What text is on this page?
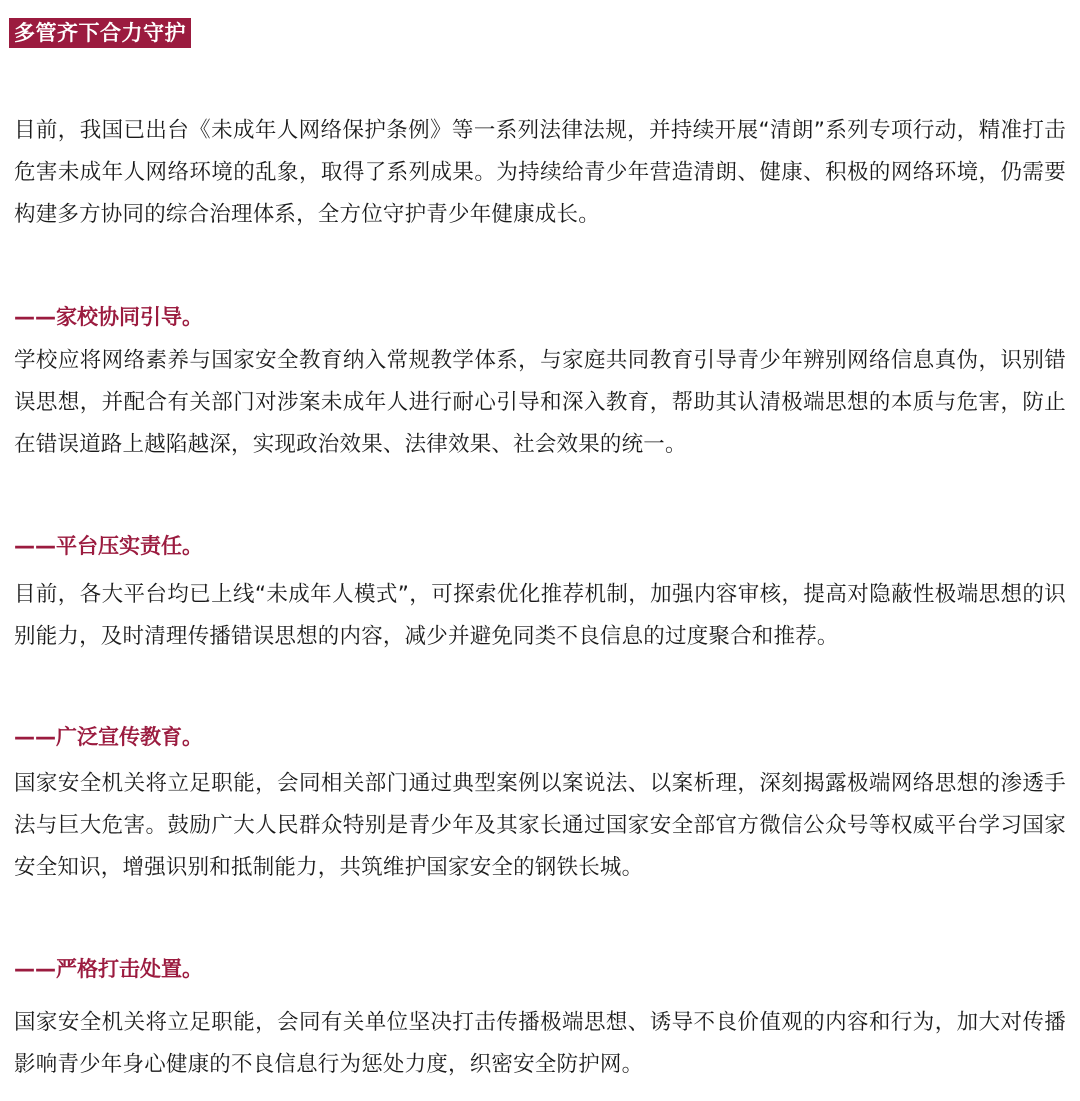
多管齐下合力守护

目前，我国已出台《未成年人网络保护条例》等一系列法律法规，并持续开展“清朗”系列专项行动，精准打击危害未成年人网络环境的乱象，取得了系列成果。为持续给青少年营造清朗、健康、积极的网络环境，仍需要构建多方协同的综合治理体系，全方位守护青少年健康成长。

——家校协同引导。

学校应将网络素养与国家安全教育纳入常规教学体系，与家庭共同教育引导青少年辨别网络信息真伪，识别错误思想，并配合有关部门对涉案未成年人进行耐心引导和深入教育，帮助其认清极端思想的本质与危害，防止在错误道路上越陷越深，实现政治效果、法律效果、社会效果的统一。

——平台压实责任。

目前，各大平台均已上线“未成年人模式”，可探索优化推荐机制，加强内容审核，提高对隐蔽性极端思想的识别能力，及时清理传播错误思想的内容，减少并避免同类不良信息的过度聚合和推荐。

——广泛宣传教育。

国家安全机关将立足职能，会同相关部门通过典型案例以案说法、以案析理，深刻揭露极端网络思想的渗透手法与巨大危害。鼓励广大人民群众特别是青少年及其家长通过国家安全部官方微信公众号等权威平台学习国家安全知识，增强识别和抵制能力，共筑维护国家安全的钢铁长城。

——严格打击处置。

国家安全机关将立足职能，会同有关单位坚决打击传播极端思想、诱导不良价值观的内容和行为，加大对传播影响青少年身心健康的不良信息行为惩处力度，织密安全防护网。
